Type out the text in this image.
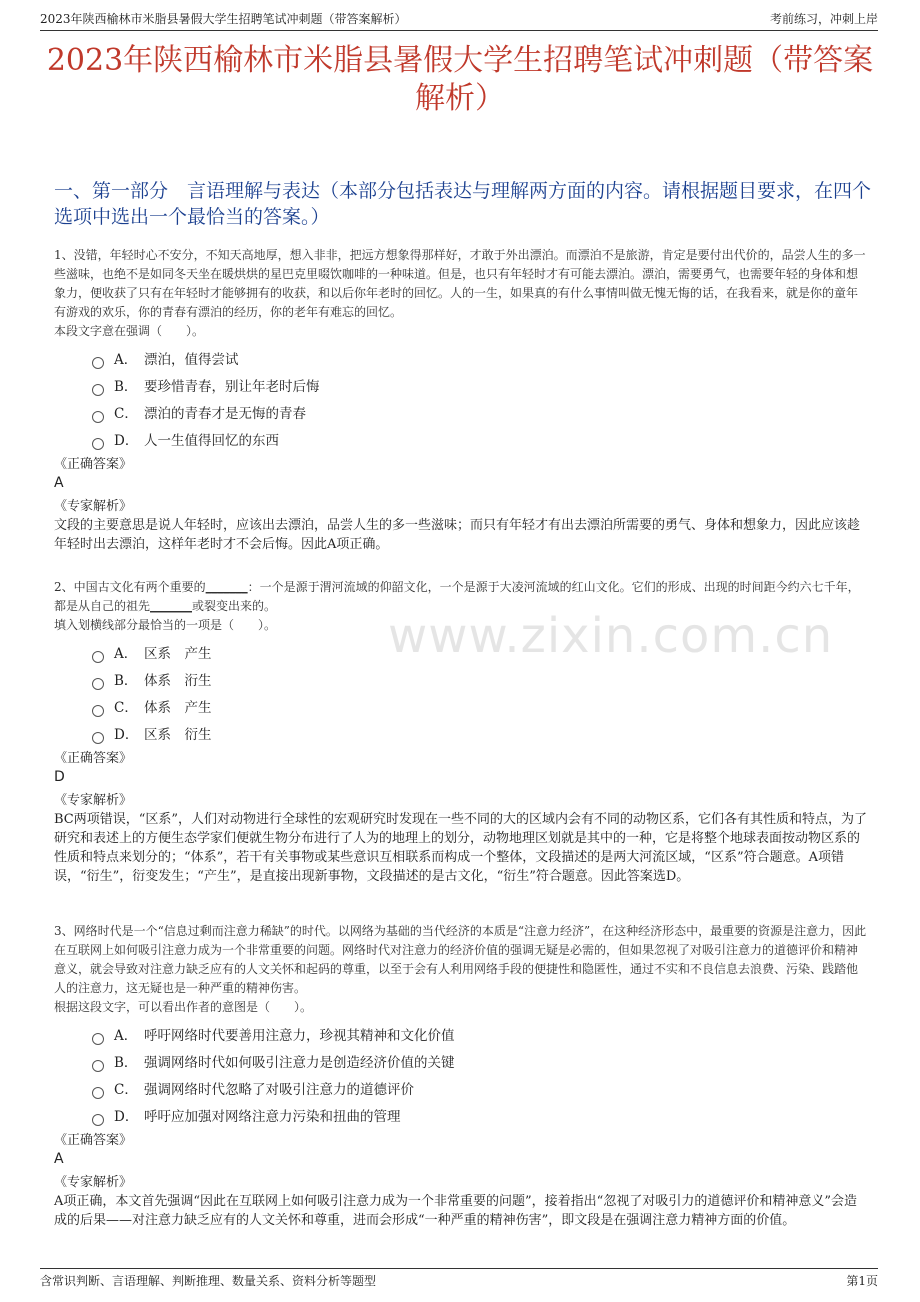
2023年陕西榆林市米脂县暑假大学生招聘笔试冲刺题（带答案解析）	考前练习，冲刺上岸
2023年陕西榆林市米脂县暑假大学生招聘笔试冲刺题（带答案解析）
一、第一部分　言语理解与表达（本部分包括表达与理解两方面的内容。请根据题目要求，在四个选项中选出一个最恰当的答案。）

1、没错，年轻时心不安分，不知天高地厚，想入非非，把远方想象得那样好，才敢于外出漂泊。而漂泊不是旅游，肯定是要付出代价的，品尝人生的多一些滋味，也绝不是如同冬天坐在暖烘烘的星巴克里啜饮咖啡的一种味道。但是，也只有年轻时才有可能去漂泊。漂泊，需要勇气，也需要年轻的身体和想象力，便收获了只有在年轻时才能够拥有的收获，和以后你年老时的回忆。人的一生，如果真的有什么事情叫做无愧无悔的话，在我看来，就是你的童年有游戏的欢乐，你的青春有漂泊的经历，你的老年有难忘的回忆。

本段文字意在强调（　　）。

A． 漂泊，值得尝试
B． 要珍惜青春，别让年老时后悔
C． 漂泊的青春才是无悔的青春
D． 人一生值得回忆的东西

《正确答案》

A

《专家解析》

文段的主要意思是说人年轻时，应该出去漂泊，品尝人生的多一些滋味；而只有年轻才有出去漂泊所需要的勇气、身体和想象力，因此应该趁年轻时出去漂泊，这样年老时才不会后悔。因此A项正确。

2、中国古文化有两个重要的_______：一个是源于渭河流域的仰韶文化，一个是源于大凌河流域的红山文化。它们的形成、出现的时间距今约六七千年，都是从自己的祖先_______或裂变出来的。

填入划横线部分最恰当的一项是（　　）。

A． 区系　产生
B． 体系　洐生
C． 体系　产生
D． 区系　衍生

《正确答案》

D

《专家解析》

BC两项错误，“区系”，人们对动物进行全球性的宏观研究时发现在一些不同的大的区域内会有不同的动物区系，它们各有其性质和特点，为了研究和表述上的方便生态学家们便就生物分布进行了人为的地理上的划分，动物地理区划就是其中的一种，它是将整个地球表面按动物区系的性质和特点来划分的；“体系”，若干有关事物或某些意识互相联系而构成一个整体，文段描述的是两大河流区域，“区系”符合题意。A项错误，“衍生”，衍变发生；“产生”，是直接出现新事物，文段描述的是古文化，“衍生”符合题意。因此答案选D。

3、网络时代是一个“信息过剩而注意力稀缺”的时代。以网络为基础的当代经济的本质是“注意力经济”，在这种经济形态中，最重要的资源是注意力，因此在互联网上如何吸引注意力成为一个非常重要的问题。网络时代对注意力的经济价值的强调无疑是必需的，但如果忽视了对吸引注意力的道德评价和精神意义，就会导致对注意力缺乏应有的人文关怀和起码的尊重，以至于会有人利用网络手段的便捷性和隐匿性，通过不实和不良信息去浪费、污染、践踏他人的注意力，这无疑也是一种严重的精神伤害。

根据这段文字，可以看出作者的意图是（　　）。

A． 呼吁网络时代要善用注意力，珍视其精神和文化价值
B． 强调网络时代如何吸引注意力是创造经济价值的关键
C． 强调网络时代忽略了对吸引注意力的道德评价
D． 呼吁应加强对网络注意力污染和扭曲的管理

《正确答案》

A

《专家解析》

A项正确，本文首先强调“因此在互联网上如何吸引注意力成为一个非常重要的问题”，接着指出“忽视了对吸引力的道德评价和精神意义”会造成的后果——对注意力缺乏应有的人文关怀和尊重，进而会形成“一种严重的精神伤害”，即文段是在强调注意力精神方面的价值。

www.zixin.com.cn
含常识判断、言语理解、判断推理、数量关系、资料分析等题型	第1页
